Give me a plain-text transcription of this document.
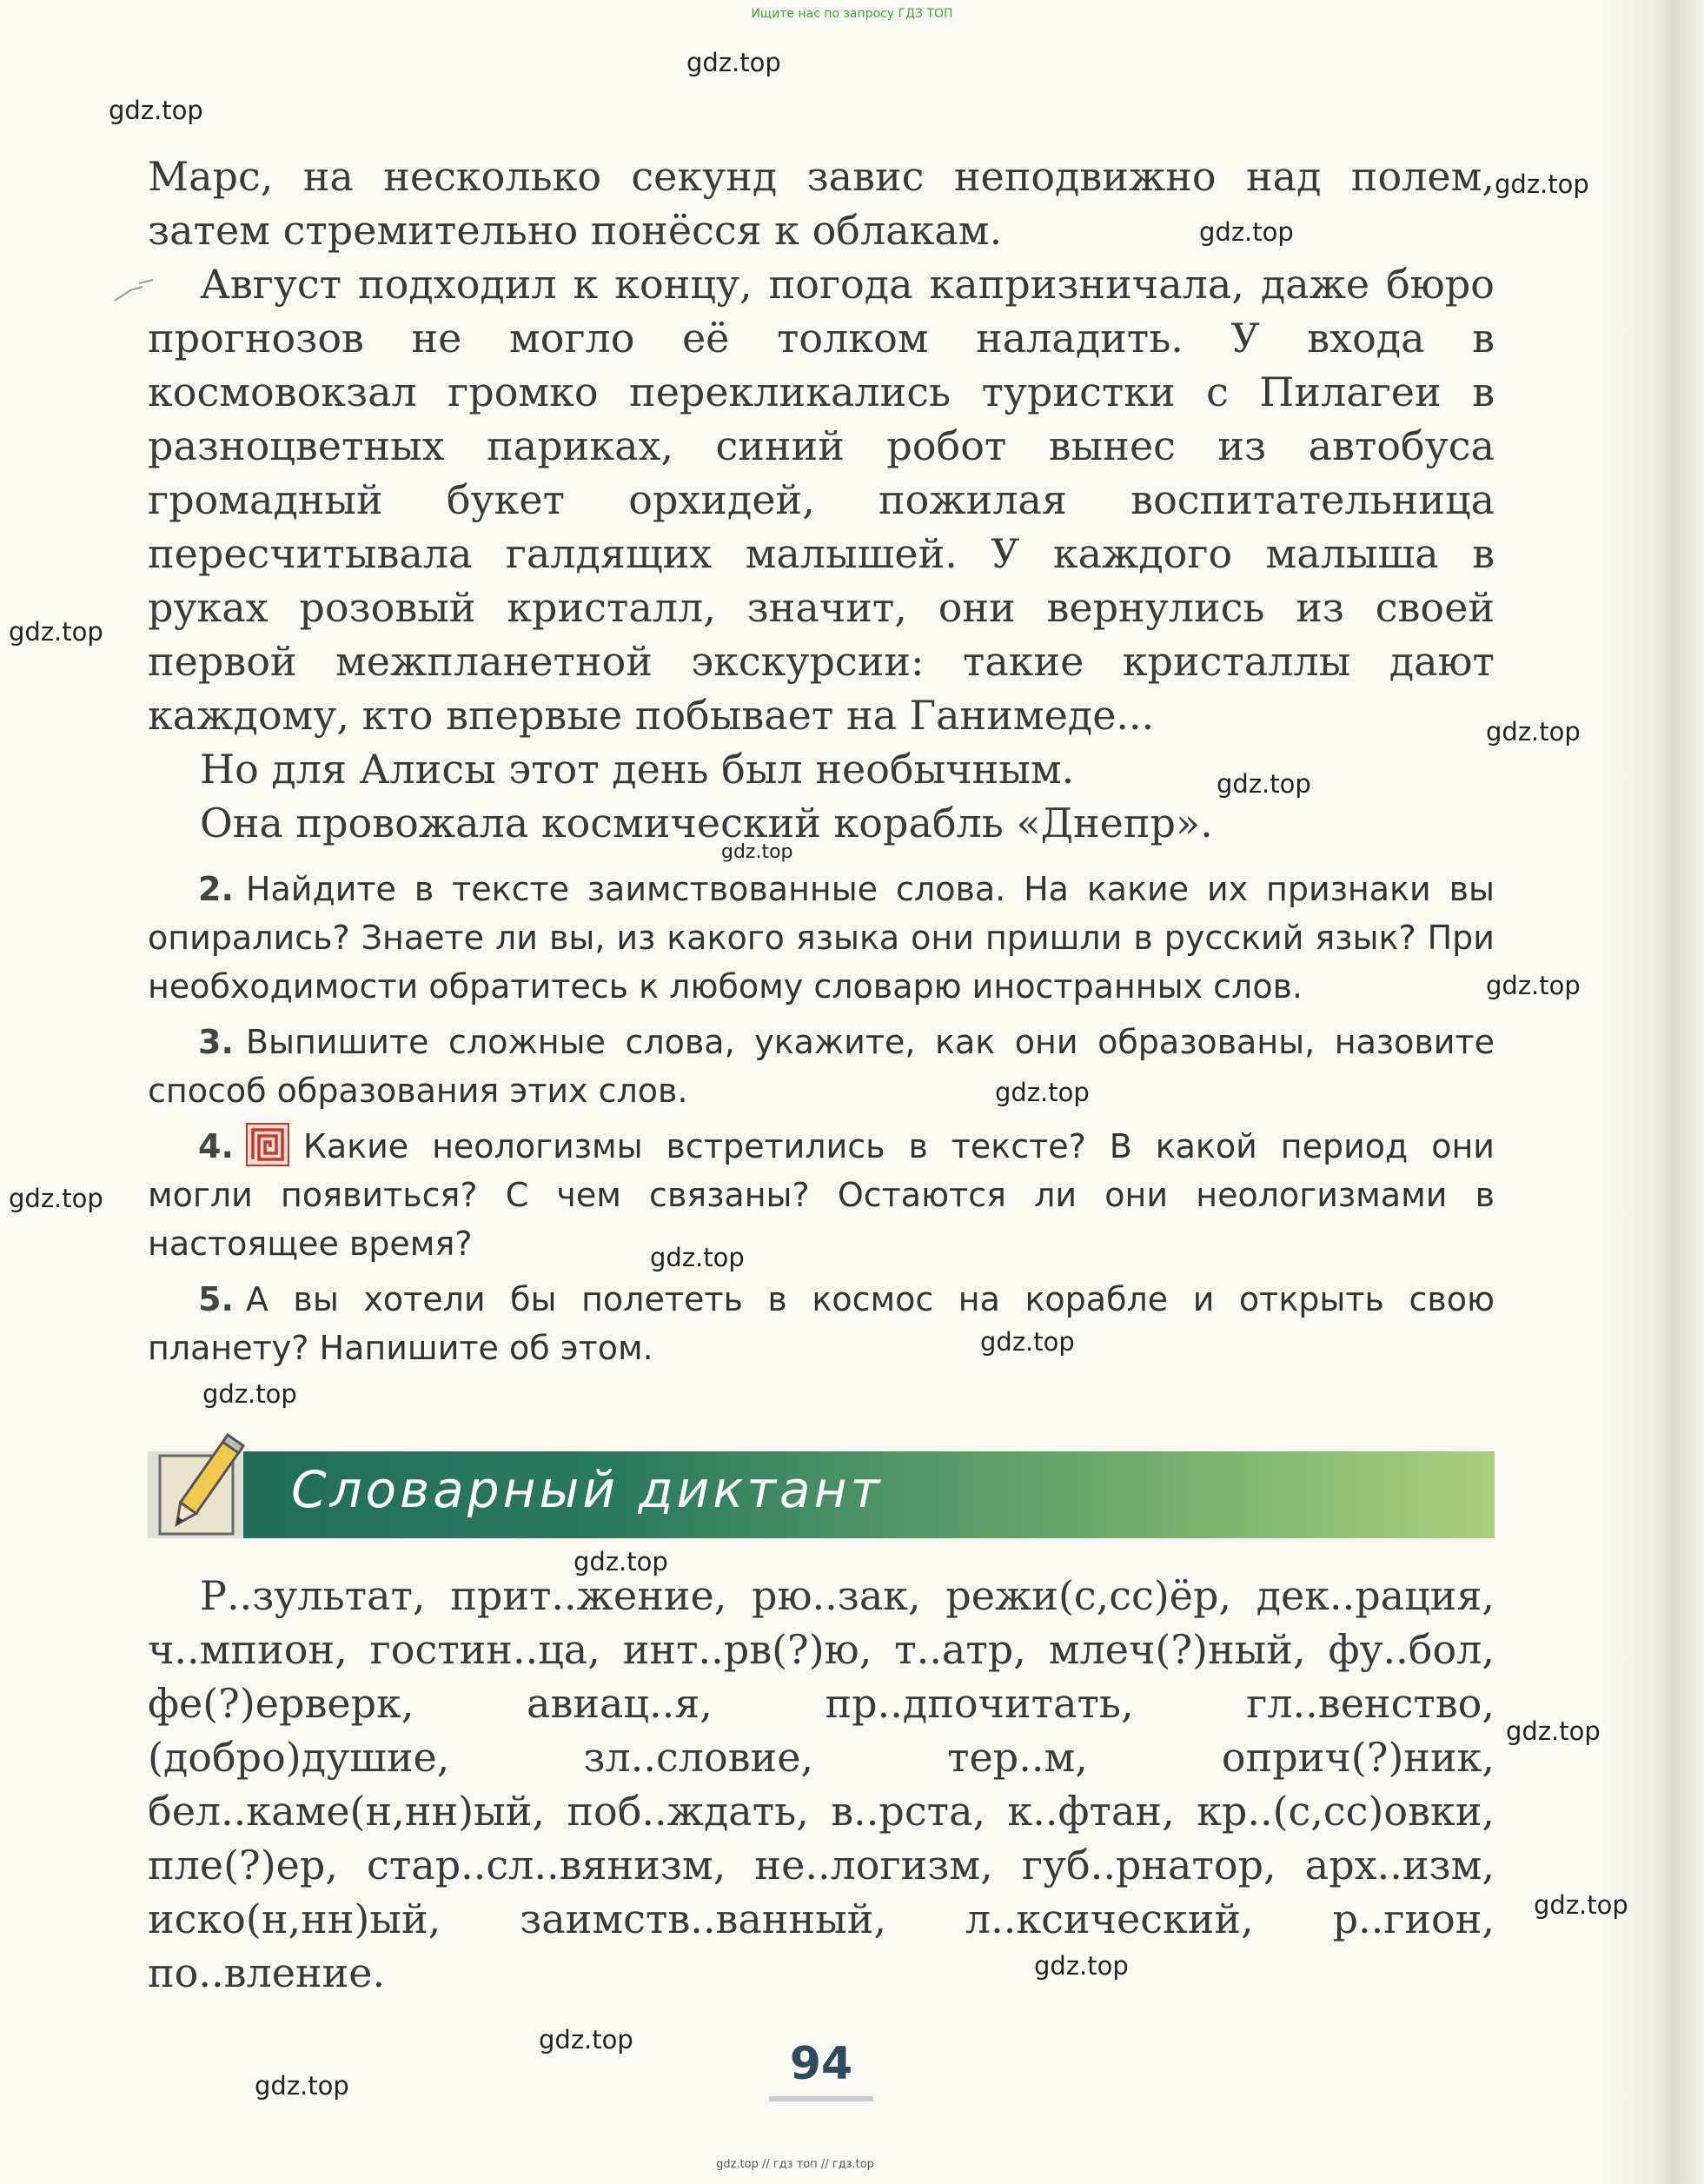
Ищите нас по запросу ГДЗ ТОП

Марс, на несколько секунд завис неподвижно над полем, затем стремительно понёсся к облакам.

Август подходил к концу, погода капризничала, даже бюро прогнозов не могло её толком наладить. У входа в космовокзал громко перекликались туристки с Пилагеи в разноцветных париках, синий робот вынес из автобуса громадный букет орхидей, пожилая воспитательница пересчитывала галдящих малышей. У каждого малыша в руках розовый кристалл, значит, они вернулись из своей первой межпланетной экскурсии: такие кристаллы дают каждому, кто впервые побывает на Ганимеде...

Но для Алисы этот день был необычным.

Она провожала космический корабль «Днепр».

2. Найдите в тексте заимствованные слова. На какие их признаки вы опирались? Знаете ли вы, из какого языка они пришли в русский язык? При необходимости обратитесь к любому словарю иностранных слов.
3. Выпишите сложные слова, укажите, как они образованы, назовите способ образования этих слов.
4. Какие неологизмы встретились в тексте? В какой период они могли появиться? С чем связаны? Остаются ли они неологизмами в настоящее время?
5. А вы хотели бы полететь в космос на корабле и открыть свою планету? Напишите об этом.
Словарный диктант
Р..зультат, прит..жение, рю..зак, режи(с,сс)ёр, дек..рация, ч..мпион, гостин..ца, инт..рв(?)ю, т..атр, млеч(?)ный, фу..бол, фе(?)ерверк, авиац..я, пр..дпочитать, гл..венство, (добро)душие, зл..словие, тер..м, оприч(?)ник, бел..каме(н,нн)ый, поб..ждать, в..рста, к..фтан, кр..(с,сс)овки, пле(?)ер, стар..сл..вянизм, не..логизм, губ..рнатор, арх..изм, иско(н,нн)ый, заимств..ванный, л..ксический, р..гион, по..вление.
94
gdz.top // гдз топ // гдз.top
gdz.top
gdz.top
gdz.top
gdz.top
gdz.top
gdz.top
gdz.top
gdz.top
gdz.top
gdz.top
gdz.top
gdz.top
gdz.top
gdz.top
gdz.top
gdz.top
gdz.top
gdz.top
gdz.top
gdz.top
